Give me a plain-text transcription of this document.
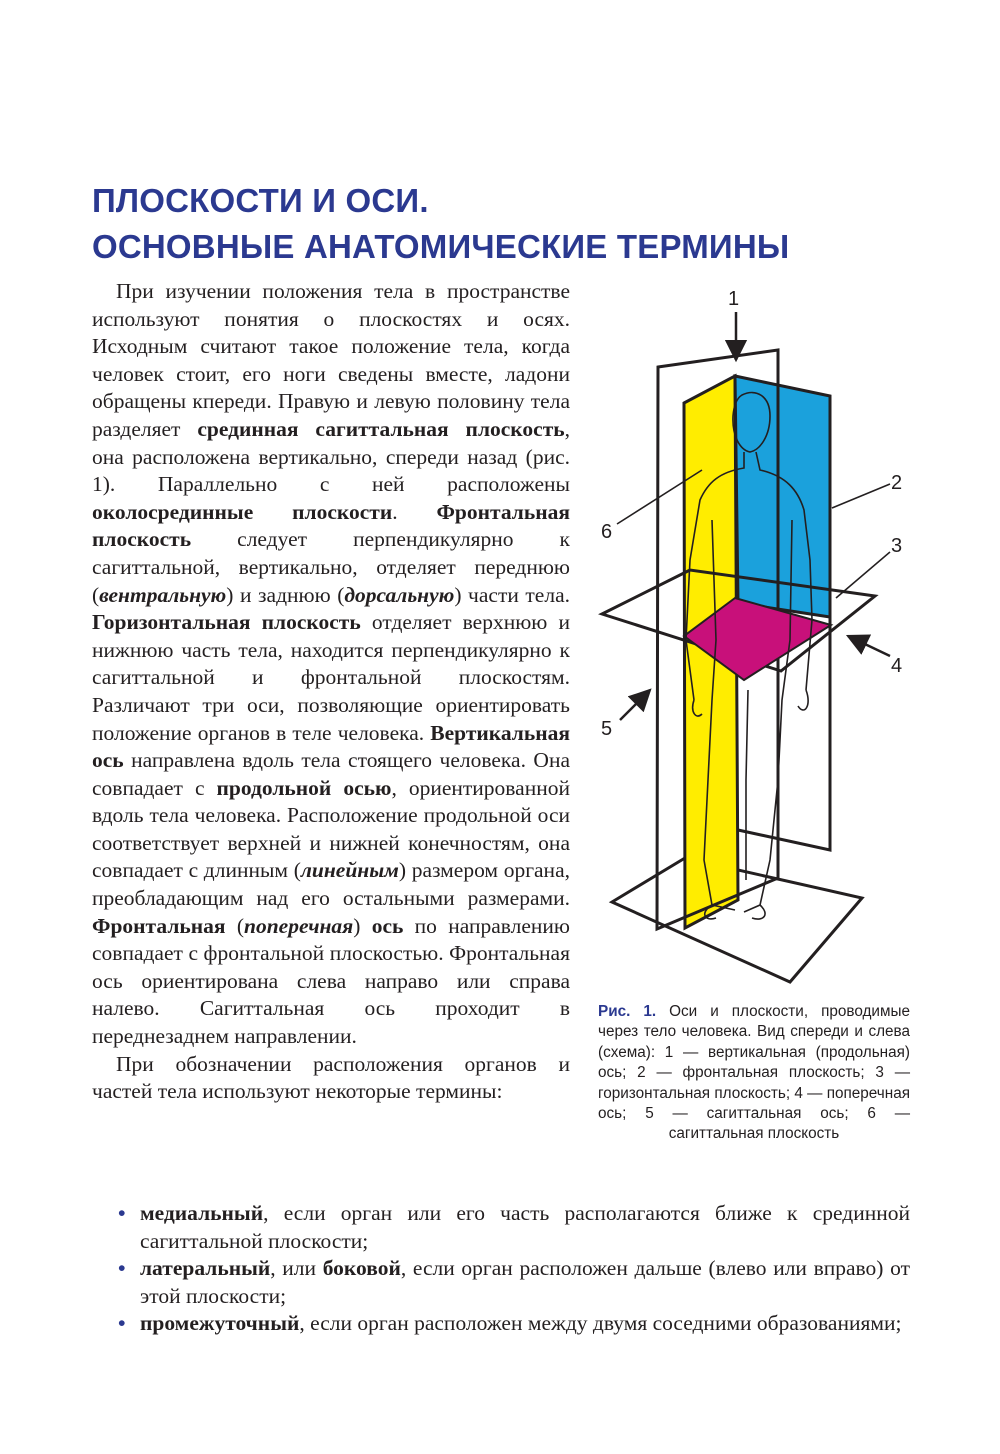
ПЛОСКОСТИ И ОСИ.
ОСНОВНЫЕ АНАТОМИЧЕСКИЕ ТЕРМИНЫ

При изучении положения тела в пространстве используют понятия о плоскостях и осях. Исходным считают такое положение тела, когда человек стоит, его ноги сведены вместе, ладони обращены кпереди. Правую и левую половину тела разделяет срединная сагиттальная плоскость, она расположена вертикально, спереди назад (рис. 1). Параллельно с ней расположены околосрединные плоскости. Фронтальная плоскость следует перпендикулярно к сагиттальной, вертикально, отделяет переднюю (вентральную) и заднюю (дорсальную) части тела. Горизонтальная плоскость отделяет верхнюю и нижнюю часть тела, находится перпендикулярно к сагиттальной и фронтальной плоскостям. Различают три оси, позволяющие ориентировать положение органов в теле человека. Вертикальная ось направлена вдоль тела стоящего человека. Она совпадает с продольной осью, ориентированной вдоль тела человека. Расположение продольной оси соответствует верхней и нижней конечностям, она совпадает с длинным (линейным) размером органа, преобладающим над его остальными размерами. Фронтальная (поперечная) ось по направлению совпадает с фронтальной плоскостью. Фронтальная ось ориентирована слева направо или справа налево. Сагиттальная ось проходит в переднезаднем направлении.

При обозначении расположения органов и частей тела используют некоторые термины:

• медиальный, если орган или его часть располагаются ближе к срединной сагиттальной плоскости;
• латеральный, или боковой, если орган расположен дальше (влево или вправо) от этой плоскости;
• промежуточный, если орган расположен между двумя соседними образованиями;
1
2
3
4
5
6
Рис. 1. Оси и плоскости, проводимые через тело человека. Вид спереди и слева (схема): 1 — вертикальная (продольная) ось; 2 — фронтальная плоскость; 3 — горизонтальная плоскость; 4 — поперечная ось; 5 — сагиттальная ось; 6 — сагиттальная плоскость
